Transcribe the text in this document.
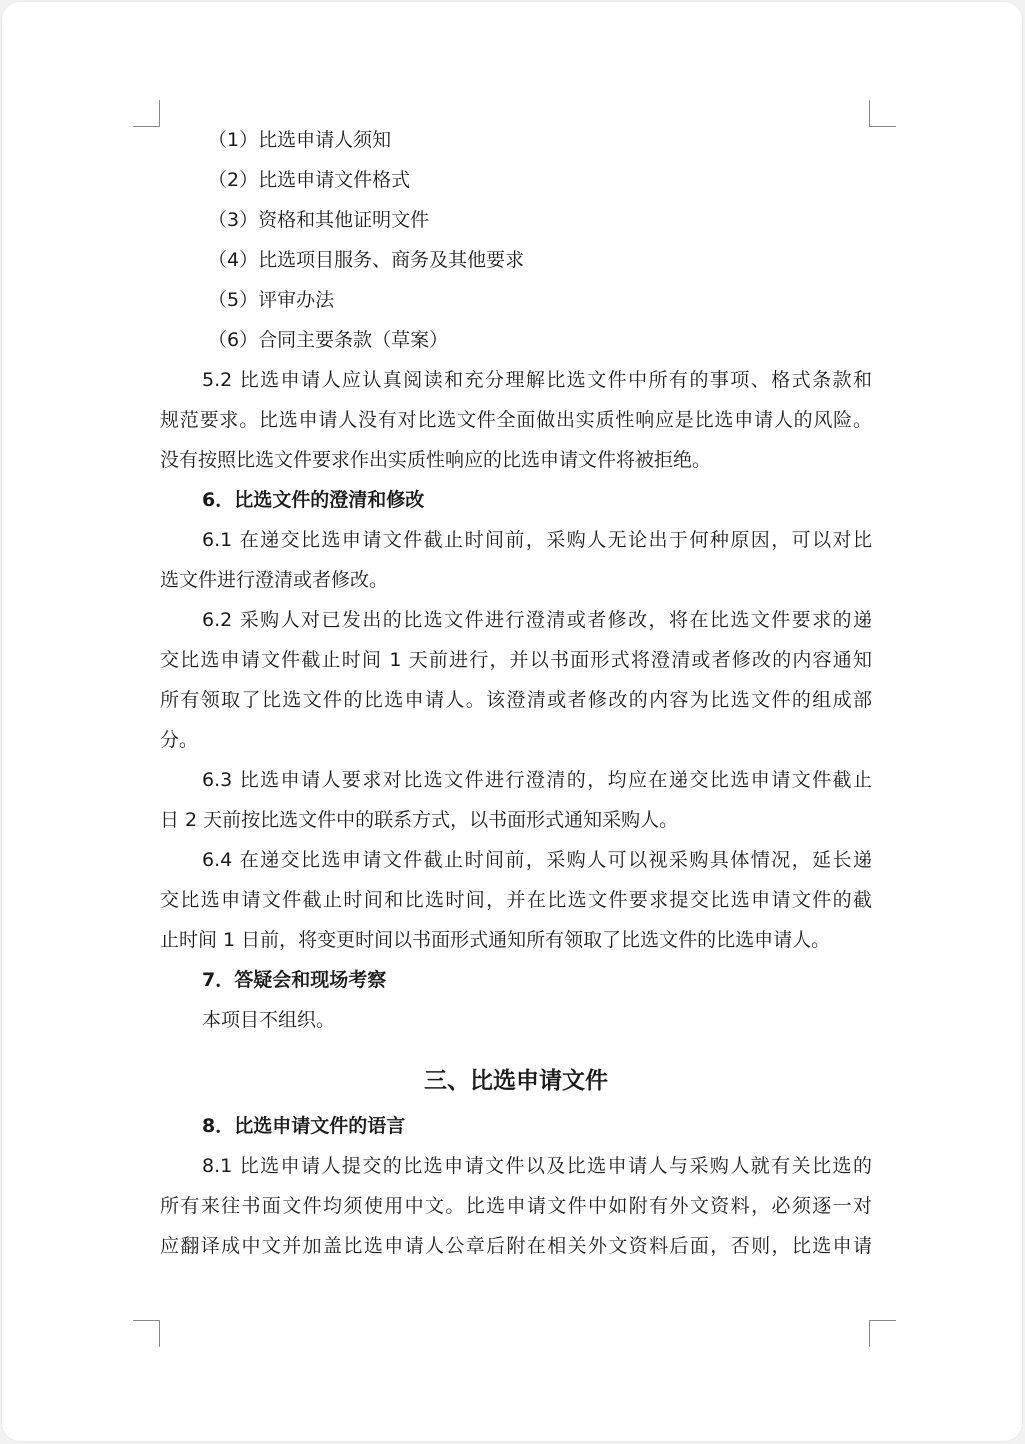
（1）比选申请人须知
（2）比选申请文件格式
（3）资格和其他证明文件
（4）比选项目服务、商务及其他要求
（5）评审办法
（6）合同主要条款（草案）
5.2 比选申请人应认真阅读和充分理解比选文件中所有的事项、格式条款和
规范要求。比选申请人没有对比选文件全面做出实质性响应是比选申请人的风险。
没有按照比选文件要求作出实质性响应的比选申请文件将被拒绝。
6．比选文件的澄清和修改
6.1 在递交比选申请文件截止时间前，采购人无论出于何种原因，可以对比
选文件进行澄清或者修改。
6.2 采购人对已发出的比选文件进行澄清或者修改，将在比选文件要求的递
交比选申请文件截止时间 1 天前进行，并以书面形式将澄清或者修改的内容通知
所有领取了比选文件的比选申请人。该澄清或者修改的内容为比选文件的组成部
分。
6.3 比选申请人要求对比选文件进行澄清的，均应在递交比选申请文件截止
日 2 天前按比选文件中的联系方式，以书面形式通知采购人。
6.4 在递交比选申请文件截止时间前，采购人可以视采购具体情况，延长递
交比选申请文件截止时间和比选时间，并在比选文件要求提交比选申请文件的截
止时间 1 日前，将变更时间以书面形式通知所有领取了比选文件的比选申请人。
7．答疑会和现场考察
本项目不组织。
三、比选申请文件
8．比选申请文件的语言
8.1 比选申请人提交的比选申请文件以及比选申请人与采购人就有关比选的
所有来往书面文件均须使用中文。比选申请文件中如附有外文资料，必须逐一对
应翻译成中文并加盖比选申请人公章后附在相关外文资料后面，否则，比选申请
